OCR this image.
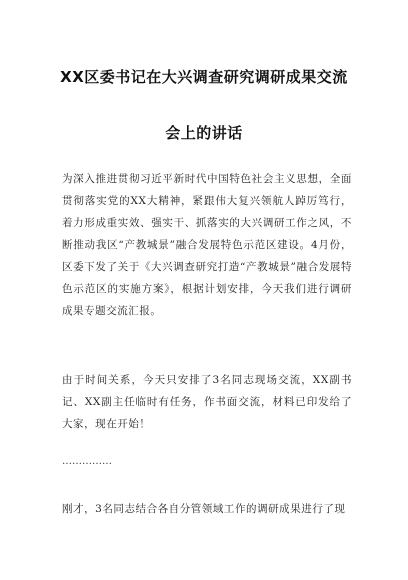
XX区委书记在大兴调查研究调研成果交流
会上的讲话

为深入推进贯彻习近平新时代中国特色社会主义思想，全面贯彻落实党的XX大精神，紧跟伟大复兴领航人踔厉笃行，着力形成重实效、强实干、抓落实的大兴调研工作之风，不断推动我区“产教城景”融合发展特色示范区建设。4月份，区委下发了关于《大兴调查研究打造“产教城景”融合发展特色示范区的实施方案》，根据计划安排，今天我们进行调研成果专题交流汇报。

由于时间关系，今天只安排了3名同志现场交流，XX副书记、XX副主任临时有任务，作书面交流，材料已印发给了大家，现在开始！

……………

刚才，3名同志结合各自分管领域工作的调研成果进行了现
